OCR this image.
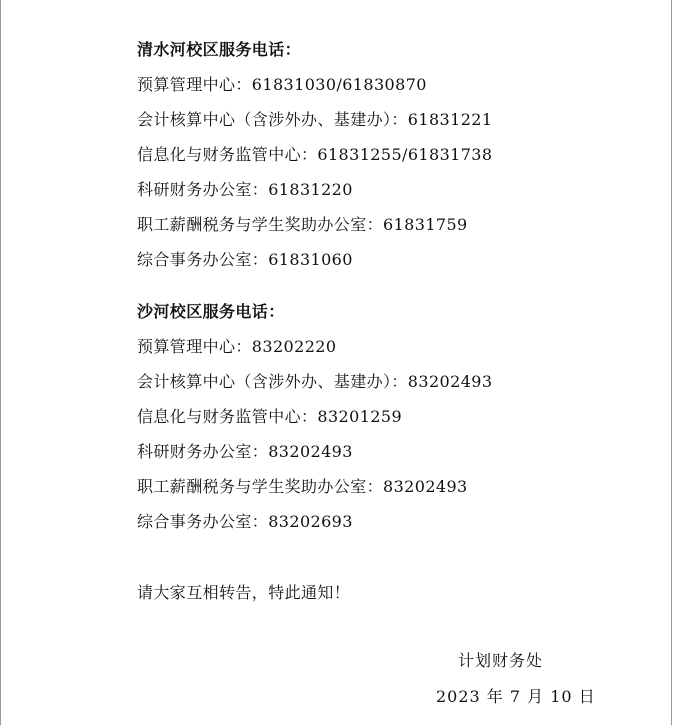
清水河校区服务电话：
预算管理中心：61831030/61830870
会计核算中心（含涉外办、基建办）：61831221
信息化与财务监管中心：61831255/61831738
科研财务办公室：61831220
职工薪酬税务与学生奖助办公室：61831759
综合事务办公室：61831060
沙河校区服务电话：
预算管理中心：83202220
会计核算中心（含涉外办、基建办）：83202493
信息化与财务监管中心：83201259
科研财务办公室：83202493
职工薪酬税务与学生奖助办公室：83202493
综合事务办公室：83202693
请大家互相转告，特此通知！
计划财务处
2023 年 7 月 10 日
